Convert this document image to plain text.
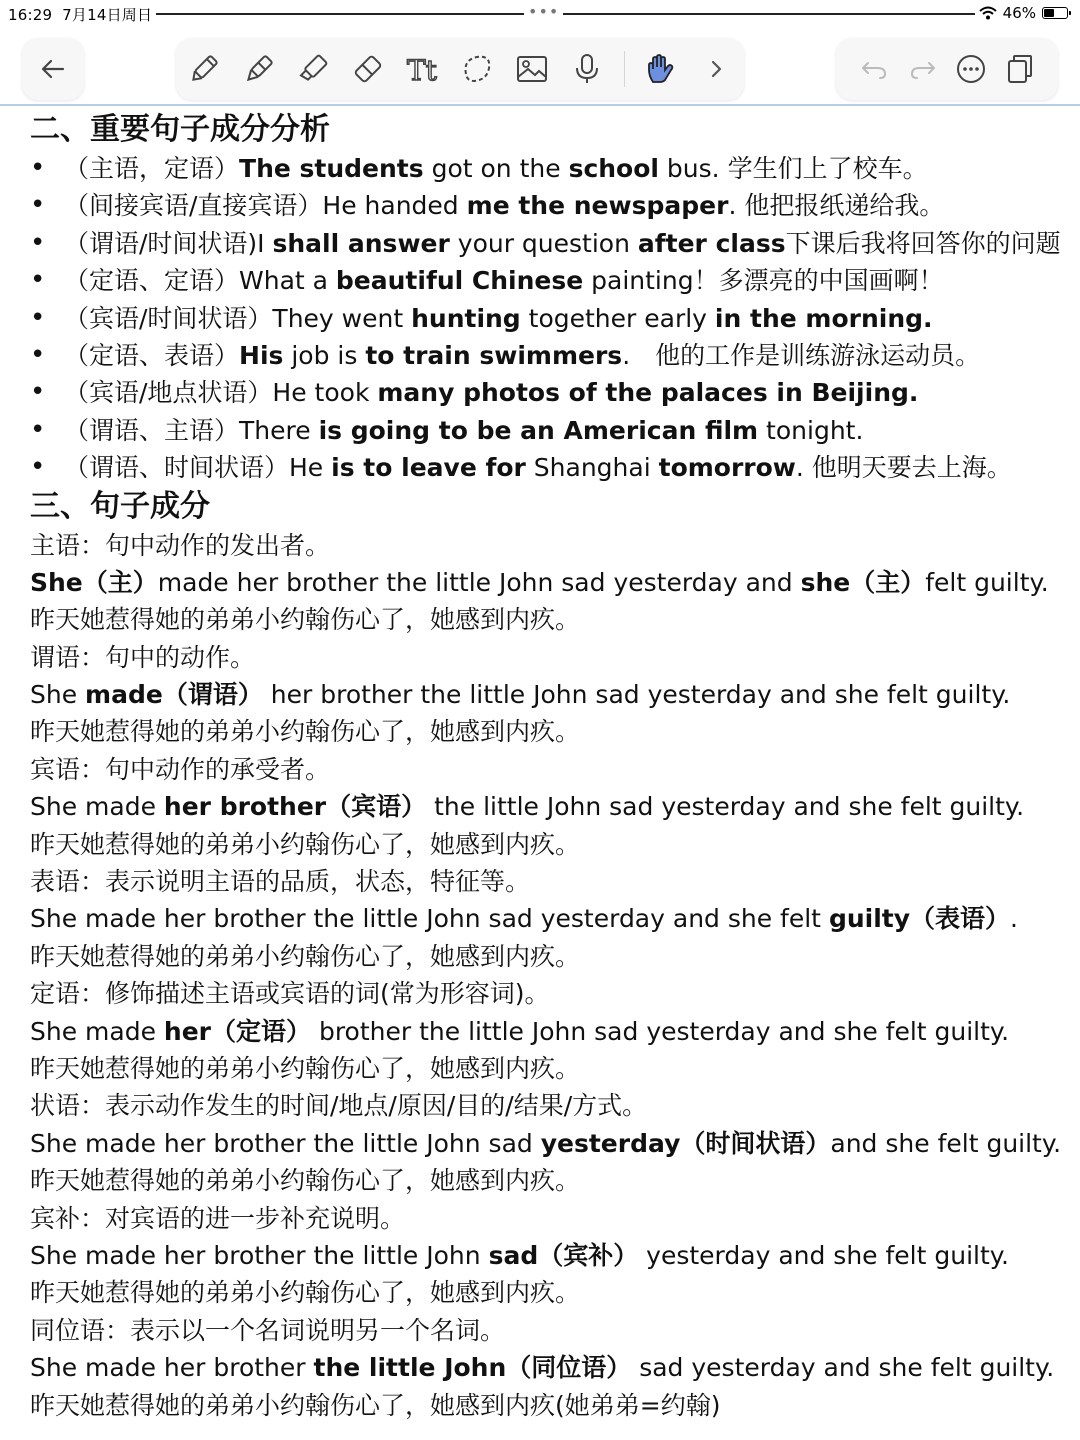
16:29 7月14日周日	•••	46%
Tt
二、重要句子成分分析
• （主语，定语）The students got on the school bus. 学生们上了校车。
• （间接宾语/直接宾语）He handed me the newspaper. 他把报纸递给我。
• （谓语/时间状语)I shall answer your question after class下课后我将回答你的问题
• （定语、定语）What a beautiful Chinese painting！多漂亮的中国画啊！
• （宾语/时间状语）They went hunting together early in the morning.
• （定语、表语）His job is to train swimmers.　他的工作是训练游泳运动员。
• （宾语/地点状语）He took many photos of the palaces in Beijing.
• （谓语、主语）There is going to be an American film tonight.
• （谓语、时间状语）He is to leave for Shanghai tomorrow. 他明天要去上海。
三、句子成分
主语：句中动作的发出者。
She（主）made her brother the little John sad yesterday and she（主）felt guilty.
昨天她惹得她的弟弟小约翰伤心了，她感到内疚。
谓语：句中的动作。
She made（谓语） her brother the little John sad yesterday and she felt guilty.
昨天她惹得她的弟弟小约翰伤心了，她感到内疚。
宾语：句中动作的承受者。
She made her brother（宾语） the little John sad yesterday and she felt guilty.
昨天她惹得她的弟弟小约翰伤心了，她感到内疚。
表语：表示说明主语的品质，状态，特征等。
She made her brother the little John sad yesterday and she felt guilty（表语）.
昨天她惹得她的弟弟小约翰伤心了，她感到内疚。
定语：修饰描述主语或宾语的词(常为形容词)。
She made her（定语） brother the little John sad yesterday and she felt guilty.
昨天她惹得她的弟弟小约翰伤心了，她感到内疚。
状语：表示动作发生的时间/地点/原因/目的/结果/方式。
She made her brother the little John sad yesterday（时间状语）and she felt guilty.
昨天她惹得她的弟弟小约翰伤心了，她感到内疚。
宾补：对宾语的进一步补充说明。
She made her brother the little John sad（宾补） yesterday and she felt guilty.
昨天她惹得她的弟弟小约翰伤心了，她感到内疚。
同位语：表示以一个名词说明另一个名词。
She made her brother the little John（同位语） sad yesterday and she felt guilty.
昨天她惹得她的弟弟小约翰伤心了，她感到内疚(她弟弟=约翰)
